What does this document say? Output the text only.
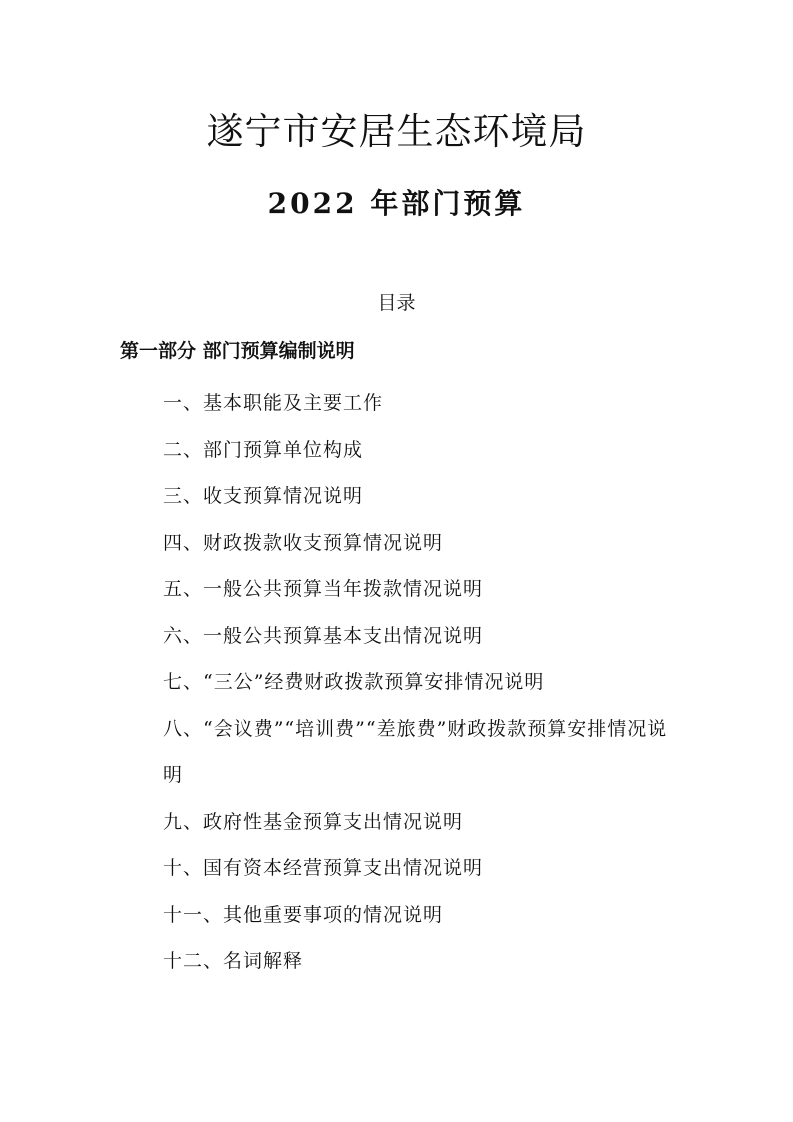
遂宁市安居生态环境局
2022 年部门预算
目录
第一部分 部门预算编制说明
一、基本职能及主要工作
二、部门预算单位构成
三、收支预算情况说明
四、财政拨款收支预算情况说明
五、一般公共预算当年拨款情况说明
六、一般公共预算基本支出情况说明
七、“三公”经费财政拨款预算安排情况说明
八、“会议费”“培训费”“差旅费”财政拨款预算安排情况说明
九、政府性基金预算支出情况说明
十、国有资本经营预算支出情况说明
十一、其他重要事项的情况说明
十二、名词解释
